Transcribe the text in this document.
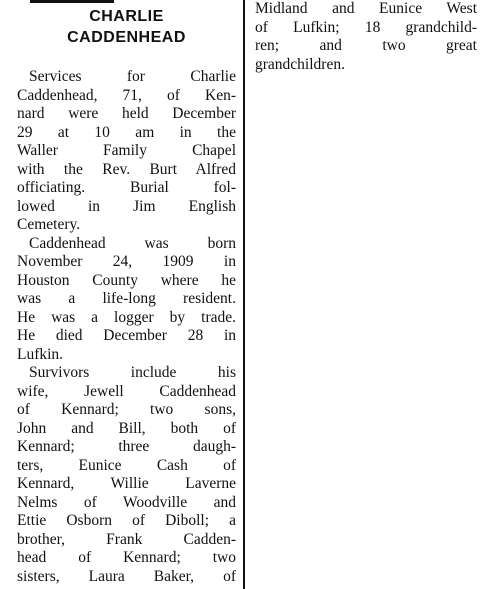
CHARLIE
CADDENHEAD
Services for Charlie
Caddenhead, 71, of Ken-
nard were held December
29 at 10 am in the
Waller Family Chapel
with the Rev. Burt Alfred
officiating. Burial fol-
lowed in Jim English
Cemetery.
Caddenhead was born
November 24, 1909 in
Houston County where he
was a life-long resident.
He was a logger by trade.
He died December 28 in
Lufkin.
Survivors include his
wife, Jewell Caddenhead
of Kennard; two sons,
John and Bill, both of
Kennard; three daugh-
ters, Eunice Cash of
Kennard, Willie Laverne
Nelms of Woodville and
Ettie Osborn of Diboll; a
brother, Frank Cadden-
head of Kennard; two
sisters, Laura Baker, of
Midland and Eunice West
of Lufkin; 18 grandchild-
ren; and two great
grandchildren.
